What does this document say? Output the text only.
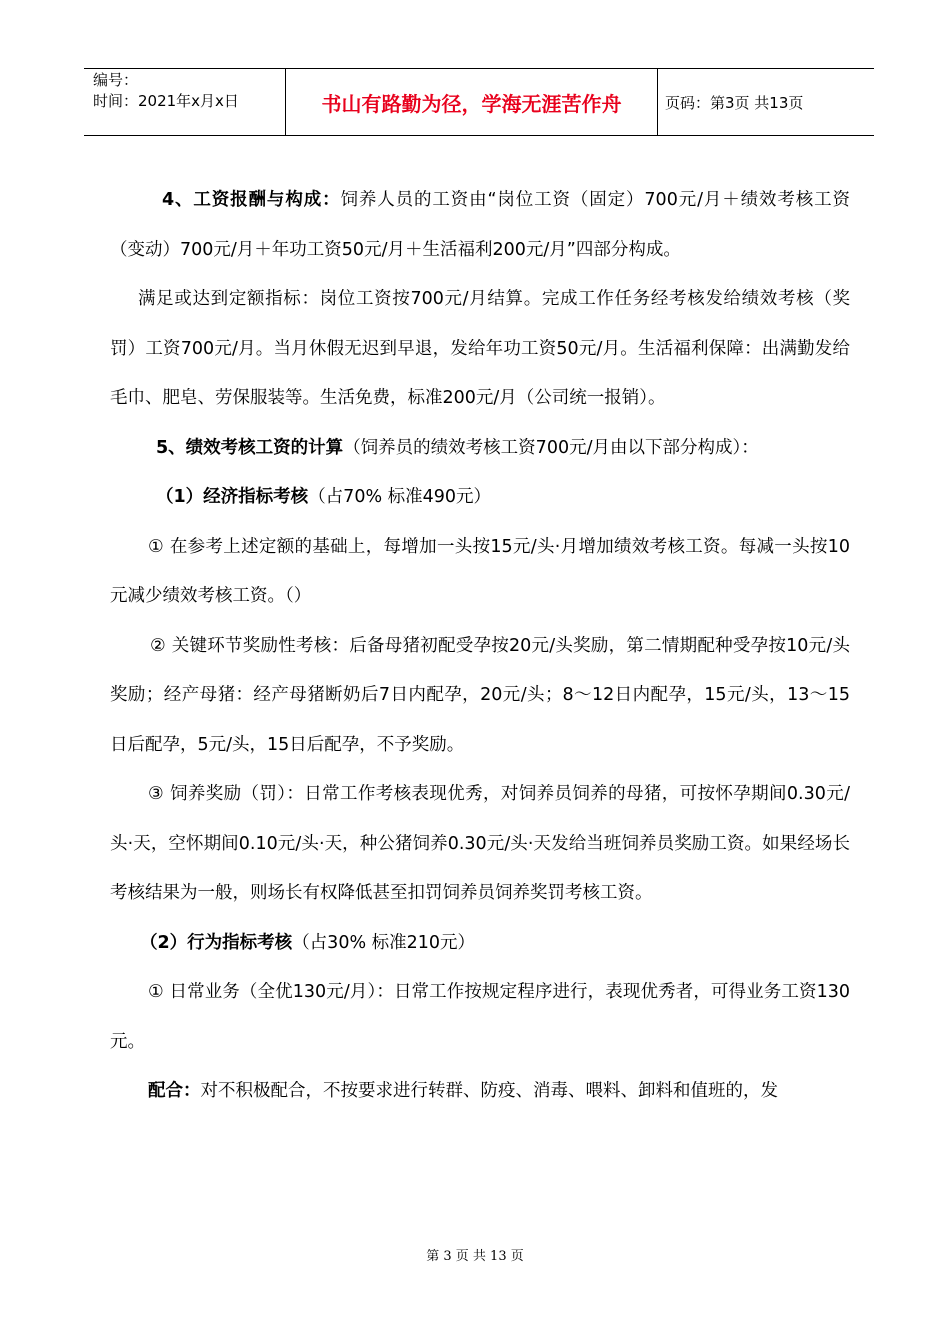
编号：
时间：2021年x月x日	书山有路勤为径，学海无涯苦作舟	页码：第3页 共13页
4、工资报酬与构成：饲养人员的工资由“岗位工资（固定）700元/月＋绩效考核工资（变动）700元/月＋年功工资50元/月＋生活福利200元/月”四部分构成。
满足或达到定额指标：岗位工资按700元/月结算。完成工作任务经考核发给绩效考核（奖罚）工资700元/月。当月休假无迟到早退，发给年功工资50元/月。生活福利保障：出满勤发给毛巾、肥皂、劳保服装等。生活免费，标准200元/月（公司统一报销）。
5、绩效考核工资的计算（饲养员的绩效考核工资700元/月由以下部分构成）：
（1）经济指标考核（占70% 标准490元）
① 在参考上述定额的基础上，每增加一头按15元/头·月增加绩效考核工资。每减一头按10元减少绩效考核工资。（）
② 关键环节奖励性考核：后备母猪初配受孕按20元/头奖励，第二情期配种受孕按10元/头奖励；经产母猪：经产母猪断奶后7日内配孕，20元/头；8～12日内配孕，15元/头，13～15日后配孕，5元/头，15日后配孕，不予奖励。
③ 饲养奖励（罚）：日常工作考核表现优秀，对饲养员饲养的母猪，可按怀孕期间0.30元/头·天，空怀期间0.10元/头·天，种公猪饲养0.30元/头·天发给当班饲养员奖励工资。如果经场长考核结果为一般，则场长有权降低甚至扣罚饲养员饲养奖罚考核工资。
（2）行为指标考核（占30% 标准210元）
① 日常业务（全优130元/月）：日常工作按规定程序进行，表现优秀者，可得业务工资130元。
配合：对不积极配合，不按要求进行转群、防疫、消毒、喂料、卸料和值班的，发
第 3 页 共 13 页
